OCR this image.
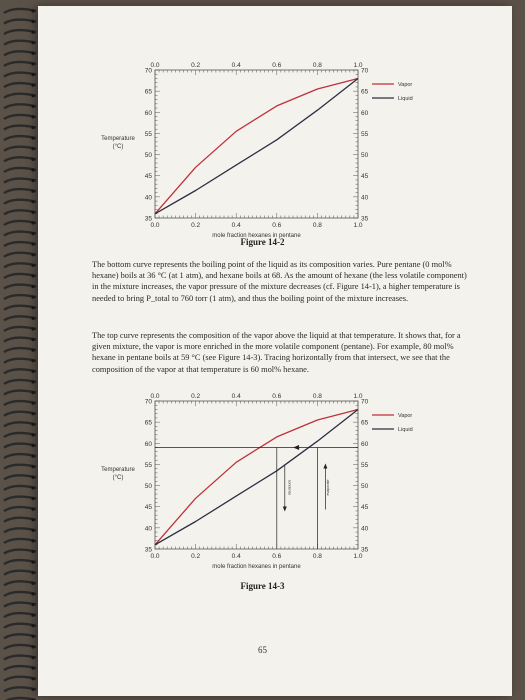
0.0
0.0
0.2
0.2
0.4
0.4
0.6
0.6
0.8
0.8
1.0
1.0
35	35
40	40
45	45
50	50
55	55
60	60
65	65
70	70
mole fraction hexanes in pentane
Temperature
(°C)
Vapor
Liquid
Figure 14-2

The bottom curve represents the boiling point of the liquid as its composition varies. Pure pentane (0 mol% hexane) boils at 36 °C (at 1 atm), and hexane boils at 68. As the amount of hexane (the less volatile component) in the mixture increases, the vapor pressure of the mixture decreases (cf. Figure 14-1), a higher temperature is needed to bring P_total to 760 torr (1 atm), and thus the boiling point of the mixture increases.

The top curve represents the composition of the vapor above the liquid at that temperature. It shows that, for a given mixture, the vapor is more enriched in the more volatile component (pentane). For example, 80 mol% hexane in pentane boils at 59 °C (see Figure 14-3). Tracing horizontally from that intersect, we see that the composition of the vapor at that temperature is 60 mol% hexane.

0.0
0.0
0.2
0.2
0.4
0.4
0.6
0.6
0.8
0.8
1.0
1.0
35	35
40	40
45	45
50	50
55	55
60	60
65	65
70	70
mole fraction hexanes in pentane
Temperature
(°C)
Vapor
Liquid
condense	evaporate
Figure 14-3
65
